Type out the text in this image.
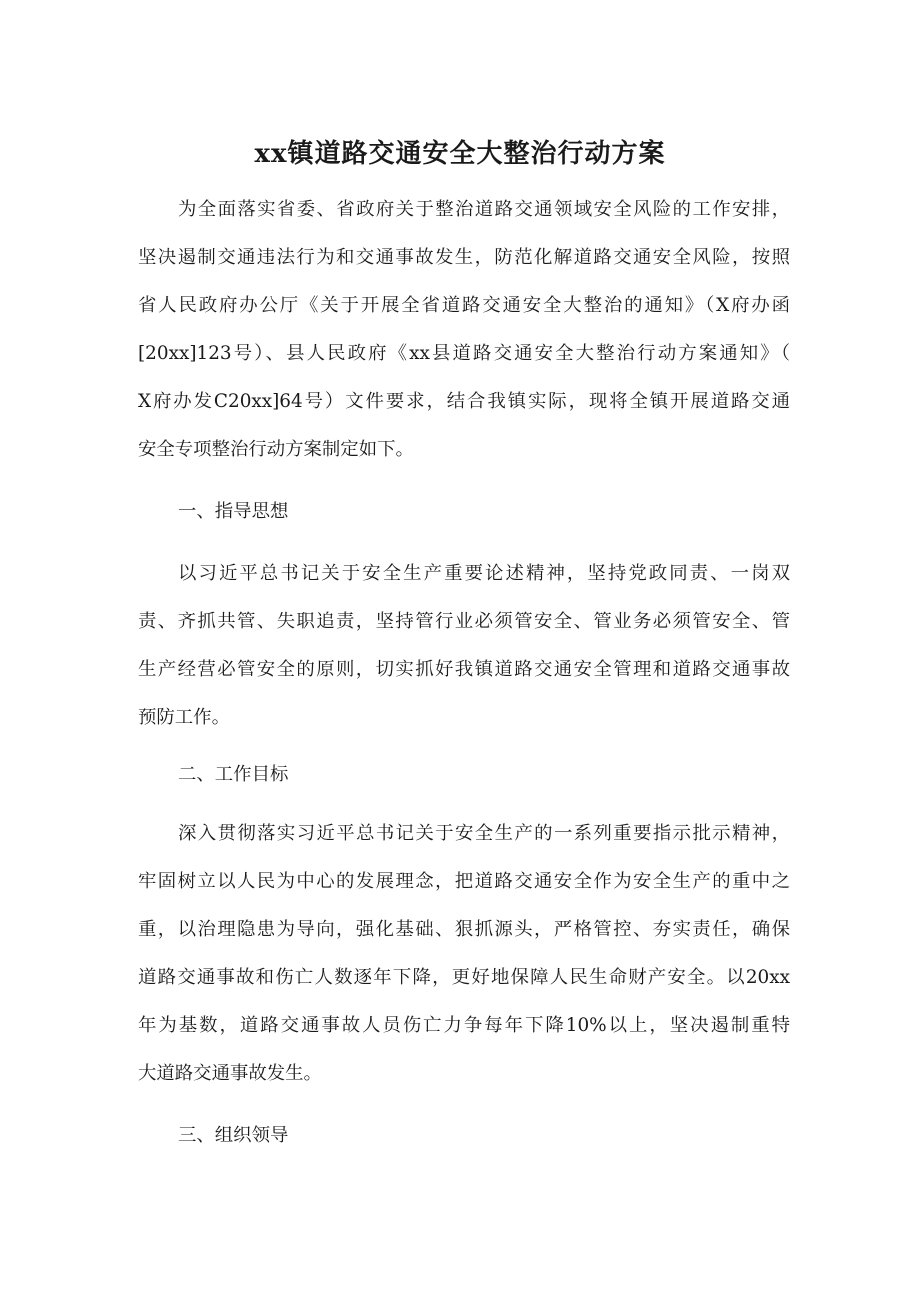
xx镇道路交通安全大整治行动方案
为全面落实省委、省政府关于整治道路交通领域安全风险的工作安排，
坚决遏制交通违法行为和交通事故发生，防范化解道路交通安全风险，按照
省人民政府办公厅《关于开展全省道路交通安全大整治的通知》（X府办函
[20xx]123号）、县人民政府《xx县道路交通安全大整治行动方案通知》（
X府办发C20xx]64号）文件要求，结合我镇实际，现将全镇开展道路交通
安全专项整治行动方案制定如下。
一、指导思想
以习近平总书记关于安全生产重要论述精神，坚持党政同责、一岗双
责、齐抓共管、失职追责，坚持管行业必须管安全、管业务必须管安全、管
生产经营必管安全的原则，切实抓好我镇道路交通安全管理和道路交通事故
预防工作。
二、工作目标
深入贯彻落实习近平总书记关于安全生产的一系列重要指示批示精神，
牢固树立以人民为中心的发展理念，把道路交通安全作为安全生产的重中之
重，以治理隐患为导向，强化基础、狠抓源头，严格管控、夯实责任，确保
道路交通事故和伤亡人数逐年下降，更好地保障人民生命财产安全。以20xx
年为基数，道路交通事故人员伤亡力争每年下降10%以上，坚决遏制重特
大道路交通事故发生。
三、组织领导
